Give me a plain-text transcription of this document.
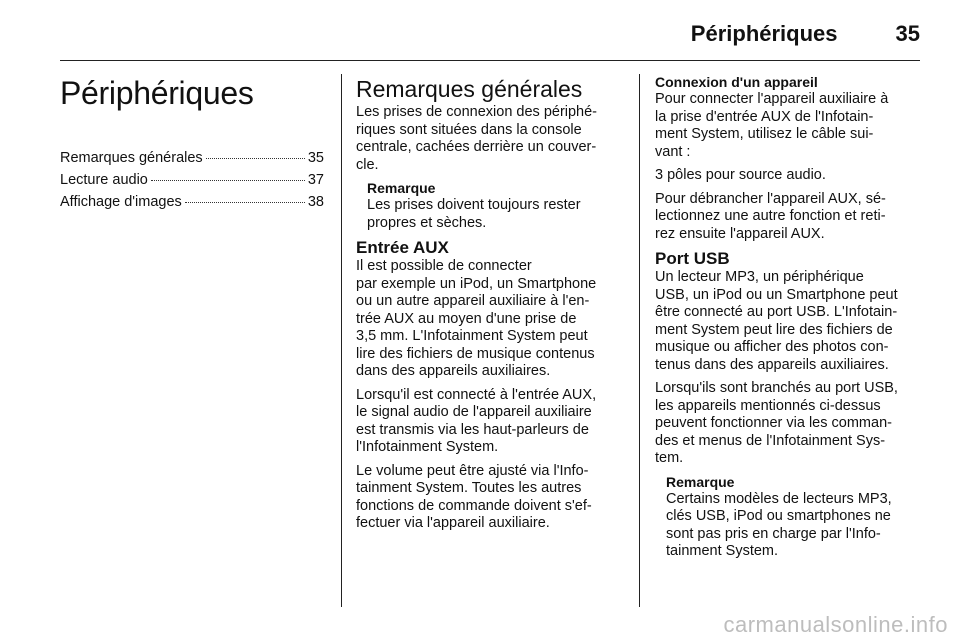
Périphériques	35
Périphériques
Remarques générales	35
Lecture audio	37
Affichage d'images	38
Remarques générales

Les prises de connexion des périphé-
riques sont situées dans la console
centrale, cachées derrière un couver-
cle.

Remarque

Les prises doivent toujours rester
propres et sèches.

Entrée AUX

Il est possible de connecter
par exemple un iPod, un Smartphone
ou un autre appareil auxiliaire à l'en-
trée AUX au moyen d'une prise de
3,5 mm. L'Infotainment System peut
lire des fichiers de musique contenus
dans des appareils auxiliaires.

Lorsqu'il est connecté à l'entrée AUX,
le signal audio de l'appareil auxiliaire
est transmis via les haut-parleurs de
l'Infotainment System.

Le volume peut être ajusté via l'Info-
tainment System. Toutes les autres
fonctions de commande doivent s'ef-
fectuer via l'appareil auxiliaire.

Connexion d'un appareil

Pour connecter l'appareil auxiliaire à
la prise d'entrée AUX de l'Infotain-
ment System, utilisez le câble sui-
vant :

3 pôles pour source audio.

Pour débrancher l'appareil AUX, sé-
lectionnez une autre fonction et reti-
rez ensuite l'appareil AUX.

Port USB

Un lecteur MP3, un périphérique
USB, un iPod ou un Smartphone peut
être connecté au port USB. L'Infotain-
ment System peut lire des fichiers de
musique ou afficher des photos con-
tenus dans des appareils auxiliaires.

Lorsqu'ils sont branchés au port USB,
les appareils mentionnés ci-dessus
peuvent fonctionner via les comman-
des et menus de l'Infotainment Sys-
tem.

Remarque

Certains modèles de lecteurs MP3,
clés USB, iPod ou smartphones ne
sont pas pris en charge par l'Info-
tainment System.

carmanualsonline.info
